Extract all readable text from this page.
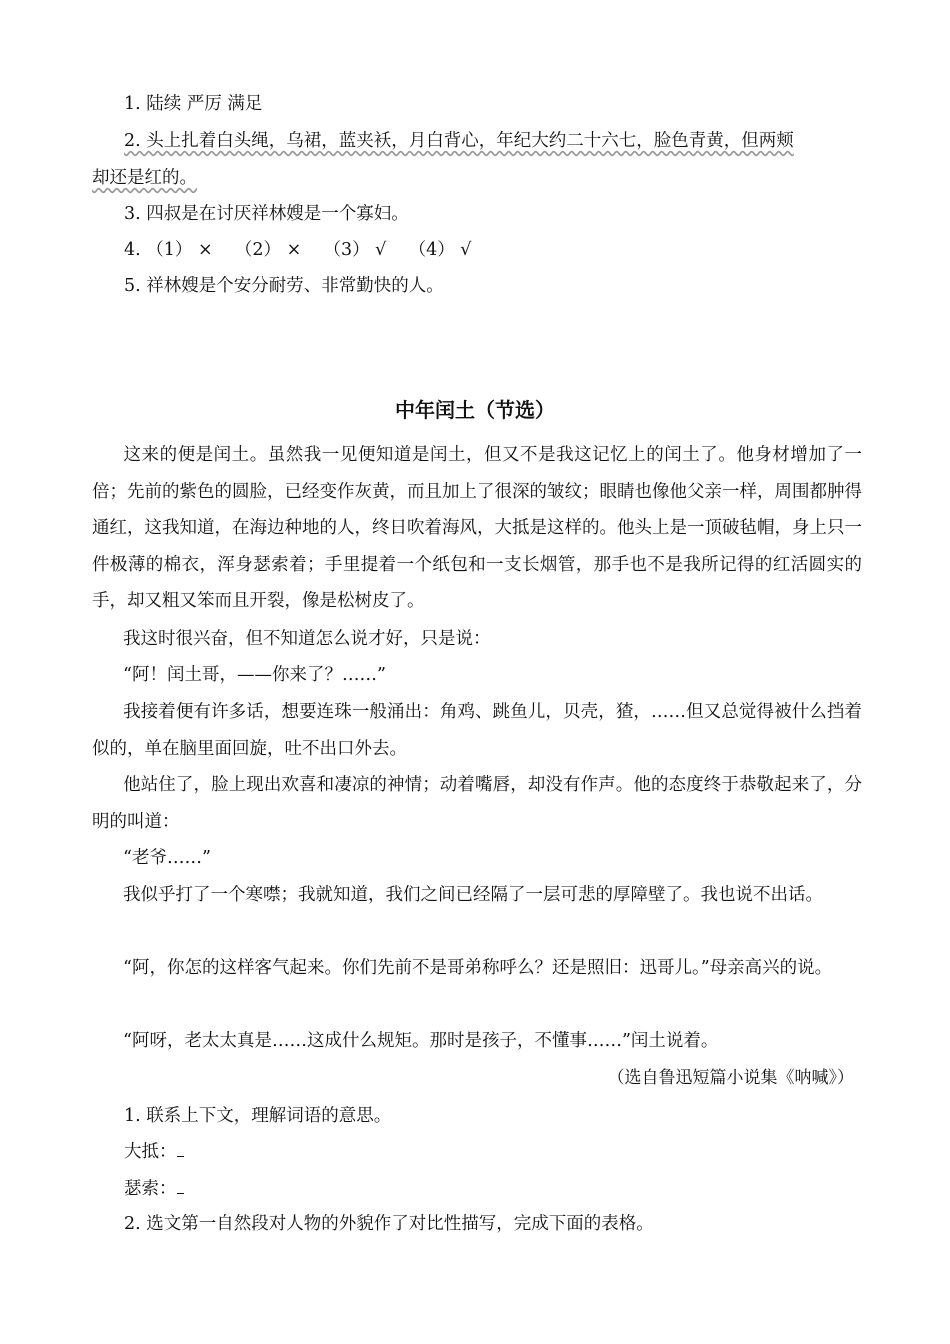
1. 陆续 严厉 满足
2. 头上扎着白头绳，乌裙，蓝夹袄，月白背心，年纪大约二十六七，脸色青黄，但两颊
却还是红的。
3. 四叔是在讨厌祥林嫂是一个寡妇。
4. （1） ×    （2） ×    （3） √    （4） √
5. 祥林嫂是个安分耐劳、非常勤快的人。
中年闰土（节选）
这来的便是闰土。虽然我一见便知道是闰土，但又不是我这记忆上的闰土了。他身材增加了一倍；先前的紫色的圆脸，已经变作灰黄，而且加上了很深的皱纹；眼睛也像他父亲一样，周围都肿得通红，这我知道，在海边种地的人，终日吹着海风，大抵是这样的。他头上是一顶破毡帽，身上只一件极薄的棉衣，浑身瑟索着；手里提着一个纸包和一支长烟管，那手也不是我所记得的红活圆实的手，却又粗又笨而且开裂，像是松树皮了。
我这时很兴奋，但不知道怎么说才好，只是说：
“阿！闰土哥，——你来了？……”
我接着便有许多话，想要连珠一般涌出：角鸡、跳鱼儿，贝壳，猹，……但又总觉得被什么挡着似的，单在脑里面回旋，吐不出口外去。
他站住了，脸上现出欢喜和凄凉的神情；动着嘴唇，却没有作声。他的态度终于恭敬起来了，分明的叫道：
“老爷……”
我似乎打了一个寒噤；我就知道，我们之间已经隔了一层可悲的厚障壁了。我也说不出话。
“阿，你怎的这样客气起来。你们先前不是哥弟称呼么？还是照旧：迅哥儿。”母亲高兴的说。
“阿呀，老太太真是……这成什么规矩。那时是孩子，不懂事……”闰土说着。
（选自鲁迅短篇小说集《呐喊》）
1. 联系上下文，理解词语的意思。
大抵：
瑟索：
2. 选文第一自然段对人物的外貌作了对比性描写，完成下面的表格。
